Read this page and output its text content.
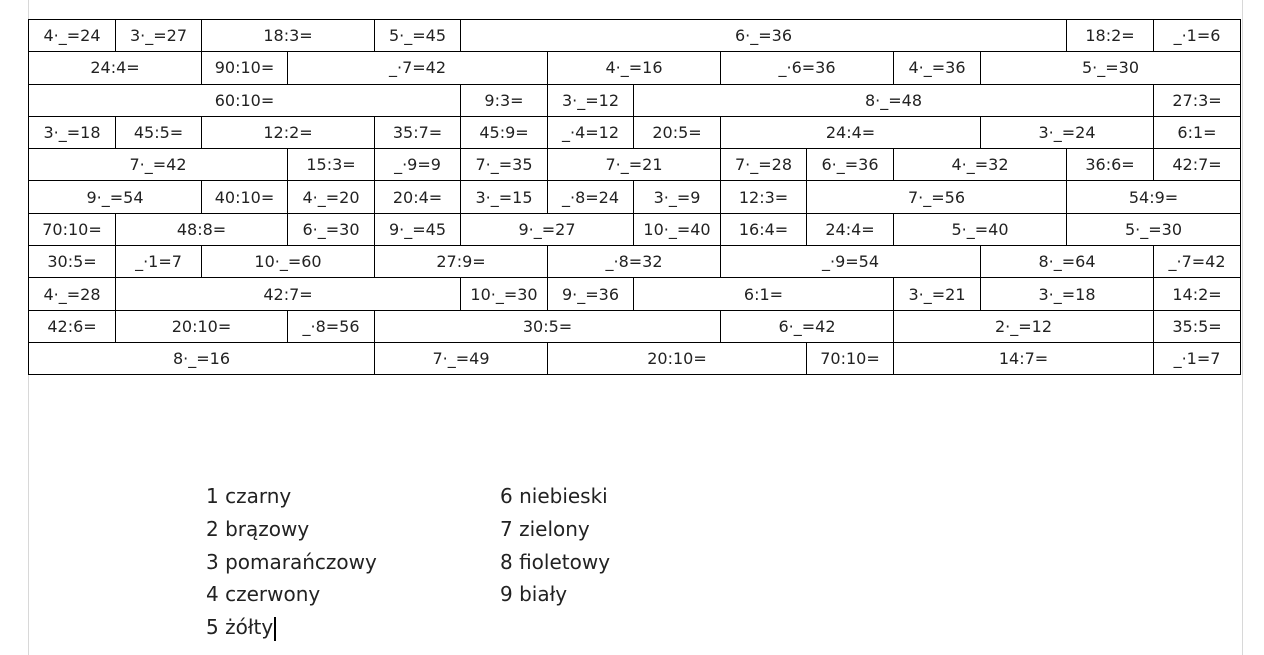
4·_=24	3·_=27	18:3=		5·_=45	6·_=36							18:2=	_·1=6
24:4=		90:10=	_·7=42			4·_=16		_·6=36		4·_=36	5·_=30		
60:10=					9:3=	3·_=12	8·_=48						27:3=
3·_=18	45:5=	12:2=		35:7=	45:9=	_·4=12	20:5=	24:4=			3·_=24		6:1=
7·_=42			15:3=	_·9=9	7·_=35	7·_=21		7·_=28	6·_=36	4·_=32		36:6=	42:7=
9·_=54		40:10=	4·_=20	20:4=	3·_=15	_·8=24	3·_=9	12:3=	7·_=56			54:9=	
70:10=	48:8=		6·_=30	9·_=45	9·_=27		10·_=40	16:4=	24:4=	5·_=40		5·_=30	
30:5=	_·1=7	10·_=60		27:9=		_·8=32		_·9=54			8·_=64		_·7=42
4·_=28	42:7=				10·_=30	9·_=36	6:1=			3·_=21	3·_=18		14:2=
42:6=	20:10=		_·8=56	30:5=				6·_=42		2·_=12			35:5=
8·_=16				7·_=49		20:10=			70:10=	14:7=			_·1=7
1 czarny
2 brązowy
3 pomarańczowy
4 czerwony
5 żółty
6 niebieski
7 zielony
8 fioletowy
9 biały
